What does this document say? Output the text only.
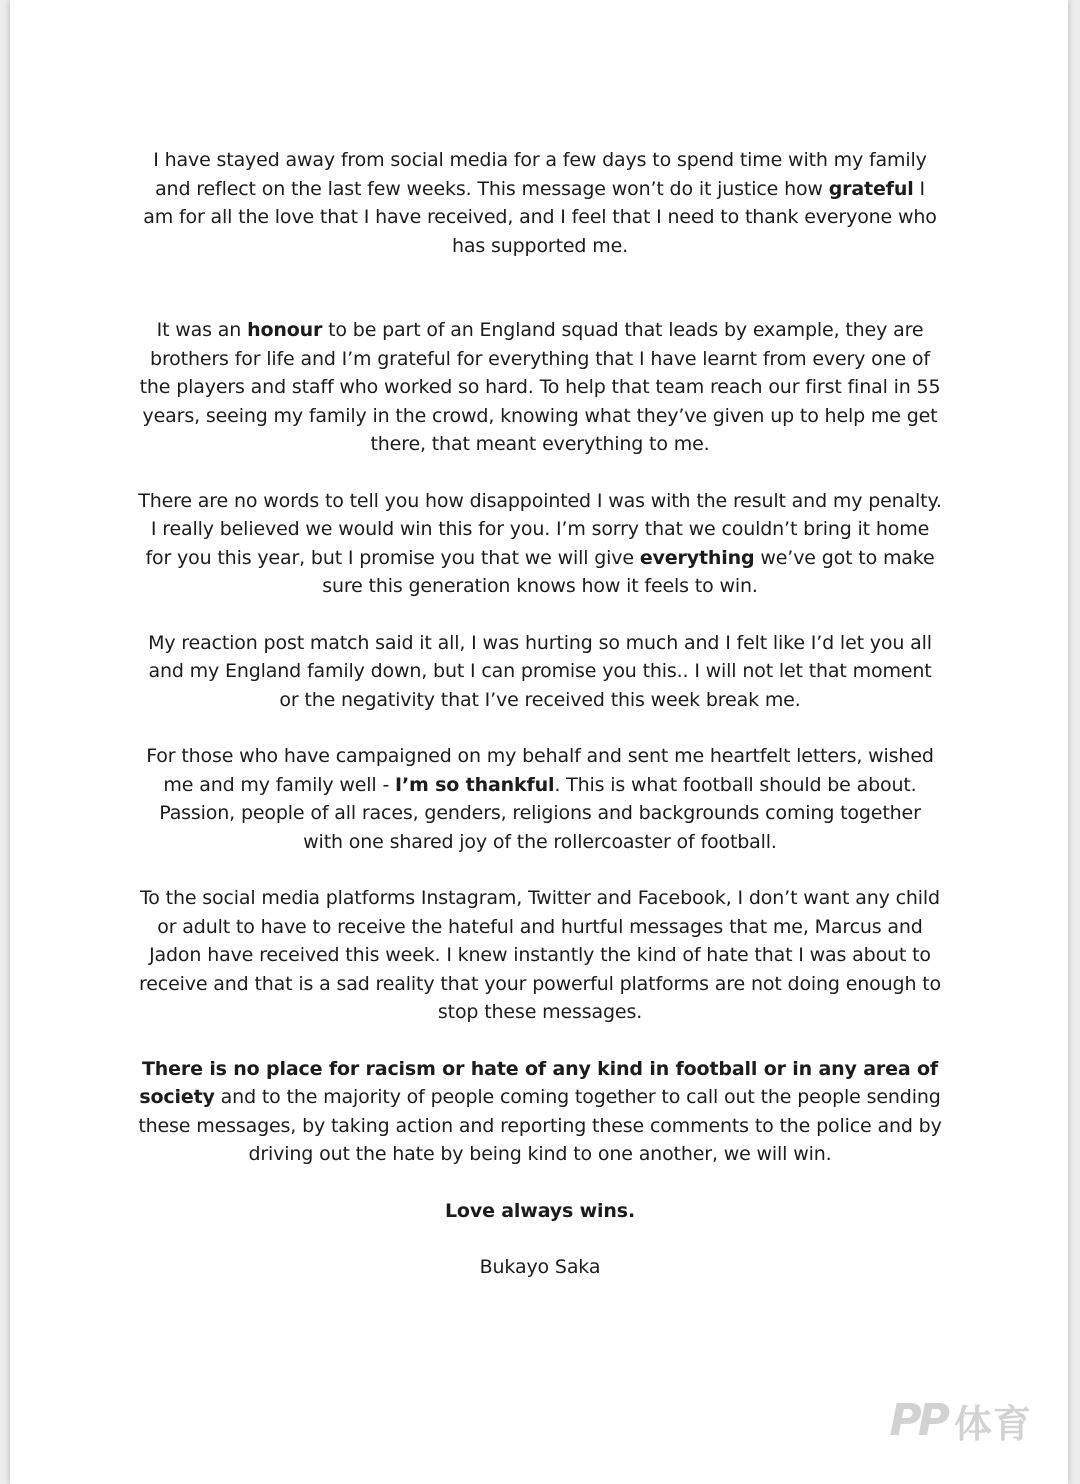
I have stayed away from social media for a few days to spend time with my family and reflect on the last few weeks. This message won’t do it justice how grateful I am for all the love that I have received, and I feel that I need to thank everyone who has supported me.

It was an honour to be part of an England squad that leads by example, they are brothers for life and I’m grateful for everything that I have learnt from every one of the players and staff who worked so hard. To help that team reach our first final in 55 years, seeing my family in the crowd, knowing what they’ve given up to help me get there, that meant everything to me.

There are no words to tell you how disappointed I was with the result and my penalty. I really believed we would win this for you. I’m sorry that we couldn’t bring it home for you this year, but I promise you that we will give everything we’ve got to make sure this generation knows how it feels to win.

My reaction post match said it all, I was hurting so much and I felt like I’d let you all and my England family down, but I can promise you this.. I will not let that moment or the negativity that I’ve received this week break me.

For those who have campaigned on my behalf and sent me heartfelt letters, wished me and my family well - I’m so thankful. This is what football should be about. Passion, people of all races, genders, religions and backgrounds coming together with one shared joy of the rollercoaster of football.

To the social media platforms Instagram, Twitter and Facebook, I don’t want any child or adult to have to receive the hateful and hurtful messages that me, Marcus and Jadon have received this week. I knew instantly the kind of hate that I was about to receive and that is a sad reality that your powerful platforms are not doing enough to stop these messages.

There is no place for racism or hate of any kind in football or in any area of society and to the majority of people coming together to call out the people sending these messages, by taking action and reporting these comments to the police and by driving out the hate by being kind to one another, we will win.

Love always wins.

Bukayo Saka

PP 体育
